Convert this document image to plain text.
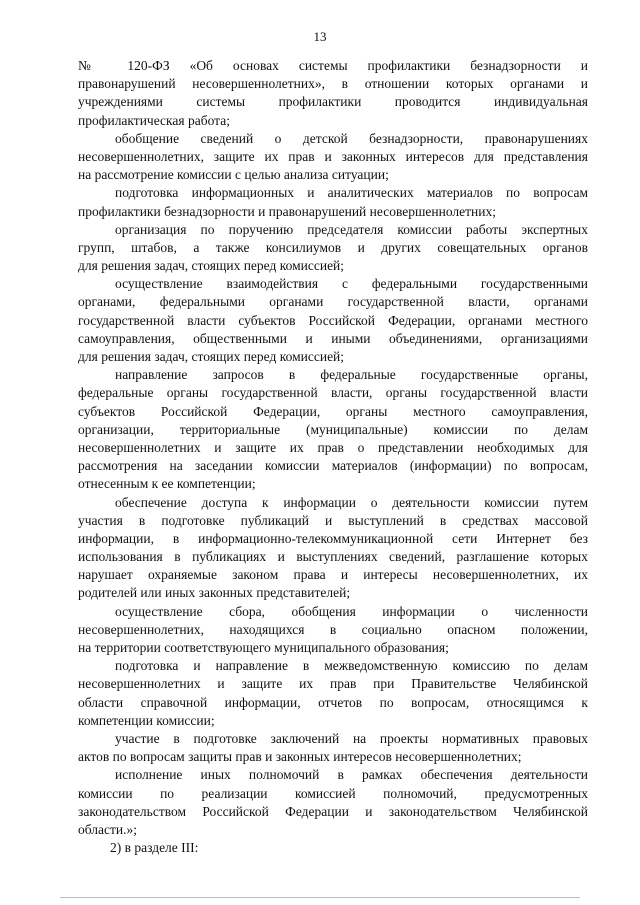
13
№ 120-ФЗ «Об основах системы профилактики безнадзорности и
правонарушений несовершеннолетних», в отношении которых органами и
учреждениями системы профилактики проводится индивидуальная
профилактическая работа;
обобщение сведений о детской безнадзорности, правонарушениях
несовершеннолетних, защите их прав и законных интересов для представления
на рассмотрение комиссии с целью анализа ситуации;
подготовка информационных и аналитических материалов по вопросам
профилактики безнадзорности и правонарушений несовершеннолетних;
организация по поручению председателя комиссии работы экспертных
групп, штабов, а также консилиумов и других совещательных органов
для решения задач, стоящих перед комиссией;
осуществление взаимодействия с федеральными государственными
органами, федеральными органами государственной власти, органами
государственной власти субъектов Российской Федерации, органами местного
самоуправления, общественными и иными объединениями, организациями
для решения задач, стоящих перед комиссией;
направление запросов в федеральные государственные органы,
федеральные органы государственной власти, органы государственной власти
субъектов Российской Федерации, органы местного самоуправления,
организации, территориальные (муниципальные) комиссии по делам
несовершеннолетних и защите их прав о представлении необходимых для
рассмотрения на заседании комиссии материалов (информации) по вопросам,
отнесенным к ее компетенции;
обеспечение доступа к информации о деятельности комиссии путем
участия в подготовке публикаций и выступлений в средствах массовой
информации, в информационно-телекоммуникационной сети Интернет без
использования в публикациях и выступлениях сведений, разглашение которых
нарушает охраняемые законом права и интересы несовершеннолетних, их
родителей или иных законных представителей;
осуществление сбора, обобщения информации о численности
несовершеннолетних, находящихся в социально опасном положении,
на территории соответствующего муниципального образования;
подготовка и направление в межведомственную комиссию по делам
несовершеннолетних и защите их прав при Правительстве Челябинской
области справочной информации, отчетов по вопросам, относящимся к
компетенции комиссии;
участие в подготовке заключений на проекты нормативных правовых
актов по вопросам защиты прав и законных интересов несовершеннолетних;
исполнение иных полномочий в рамках обеспечения деятельности
комиссии по реализации комиссией полномочий, предусмотренных
законодательством Российской Федерации и законодательством Челябинской
области.»;
2) в разделе III:
